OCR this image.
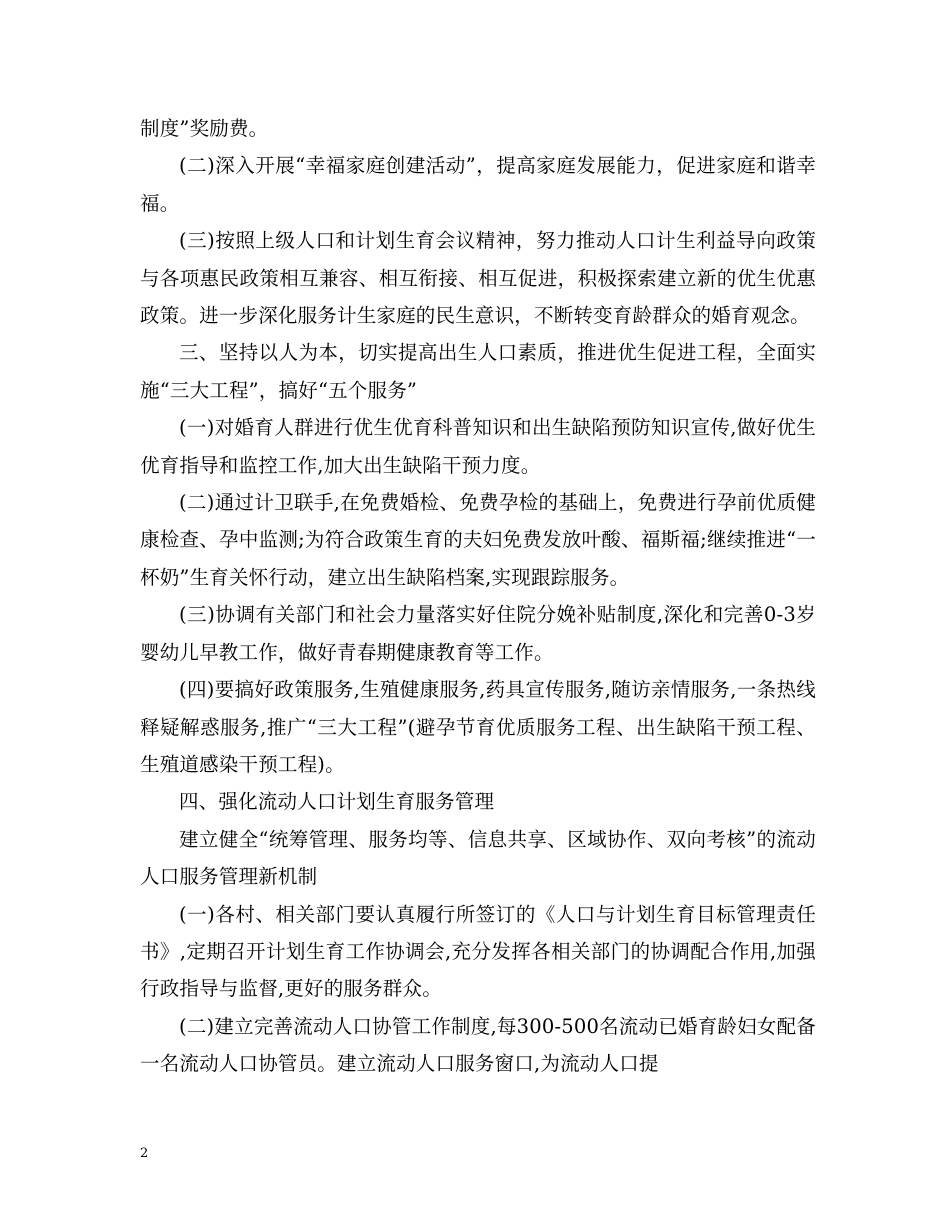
制度”奖励费。

(二)深入开展“幸福家庭创建活动”，提高家庭发展能力，促进家庭和谐幸福。

(三)按照上级人口和计划生育会议精神，努力推动人口计生利益导向政策与各项惠民政策相互兼容、相互衔接、相互促进，积极探索建立新的优生优惠政策。进一步深化服务计生家庭的民生意识，不断转变育龄群众的婚育观念。

三、坚持以人为本，切实提高出生人口素质，推进优生促进工程，全面实施“三大工程”，搞好“五个服务”

(一)对婚育人群进行优生优育科普知识和出生缺陷预防知识宣传,做好优生优育指导和监控工作,加大出生缺陷干预力度。

(二)通过计卫联手,在免费婚检、免费孕检的基础上，免费进行孕前优质健康检查、孕中监测;为符合政策生育的夫妇免费发放叶酸、福斯福;继续推进“一杯奶”生育关怀行动，建立出生缺陷档案,实现跟踪服务。

(三)协调有关部门和社会力量落实好住院分娩补贴制度,深化和完善0-3岁婴幼儿早教工作，做好青春期健康教育等工作。

(四)要搞好政策服务,生殖健康服务,药具宣传服务,随访亲情服务,一条热线释疑解惑服务,推广“三大工程”(避孕节育优质服务工程、出生缺陷干预工程、生殖道感染干预工程)。

四、强化流动人口计划生育服务管理

建立健全“统筹管理、服务均等、信息共享、区域协作、双向考核”的流动人口服务管理新机制

(一)各村、相关部门要认真履行所签订的《人口与计划生育目标管理责任书》,定期召开计划生育工作协调会,充分发挥各相关部门的协调配合作用,加强行政指导与监督,更好的服务群众。

(二)建立完善流动人口协管工作制度,每300-500名流动已婚育龄妇女配备一名流动人口协管员。建立流动人口服务窗口,为流动人口提

2
